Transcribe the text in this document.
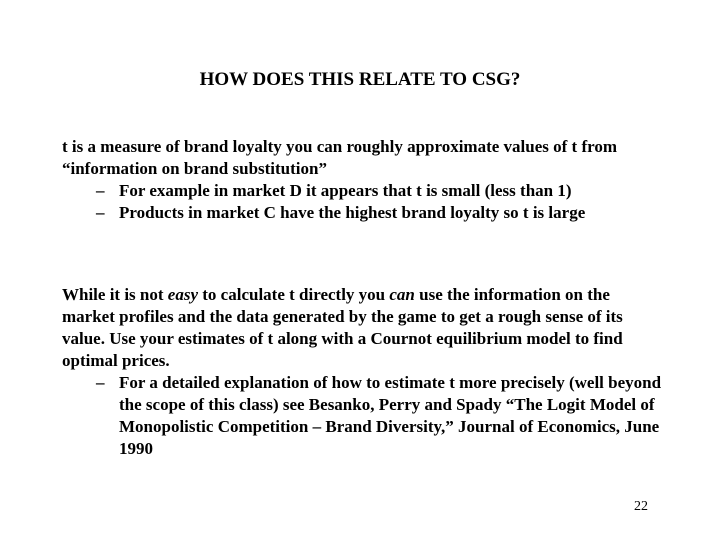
HOW DOES THIS RELATE TO CSG?

t is a measure of brand loyalty you can roughly approximate values of t from “information on brand substitution”

– For example in market D it appears that t is small (less than 1)

– Products in market C have the highest brand loyalty so t is large

While it is not easy to calculate t directly you can use the information on the market profiles and the data generated by the game to get a rough sense of its value. Use your estimates of t along with a Cournot equilibrium model to find optimal prices.

– For a detailed explanation of how to estimate t more precisely (well beyond the scope of this class) see Besanko, Perry and Spady “The Logit Model of Monopolistic Competition – Brand Diversity,” Journal of Economics, June 1990

22
